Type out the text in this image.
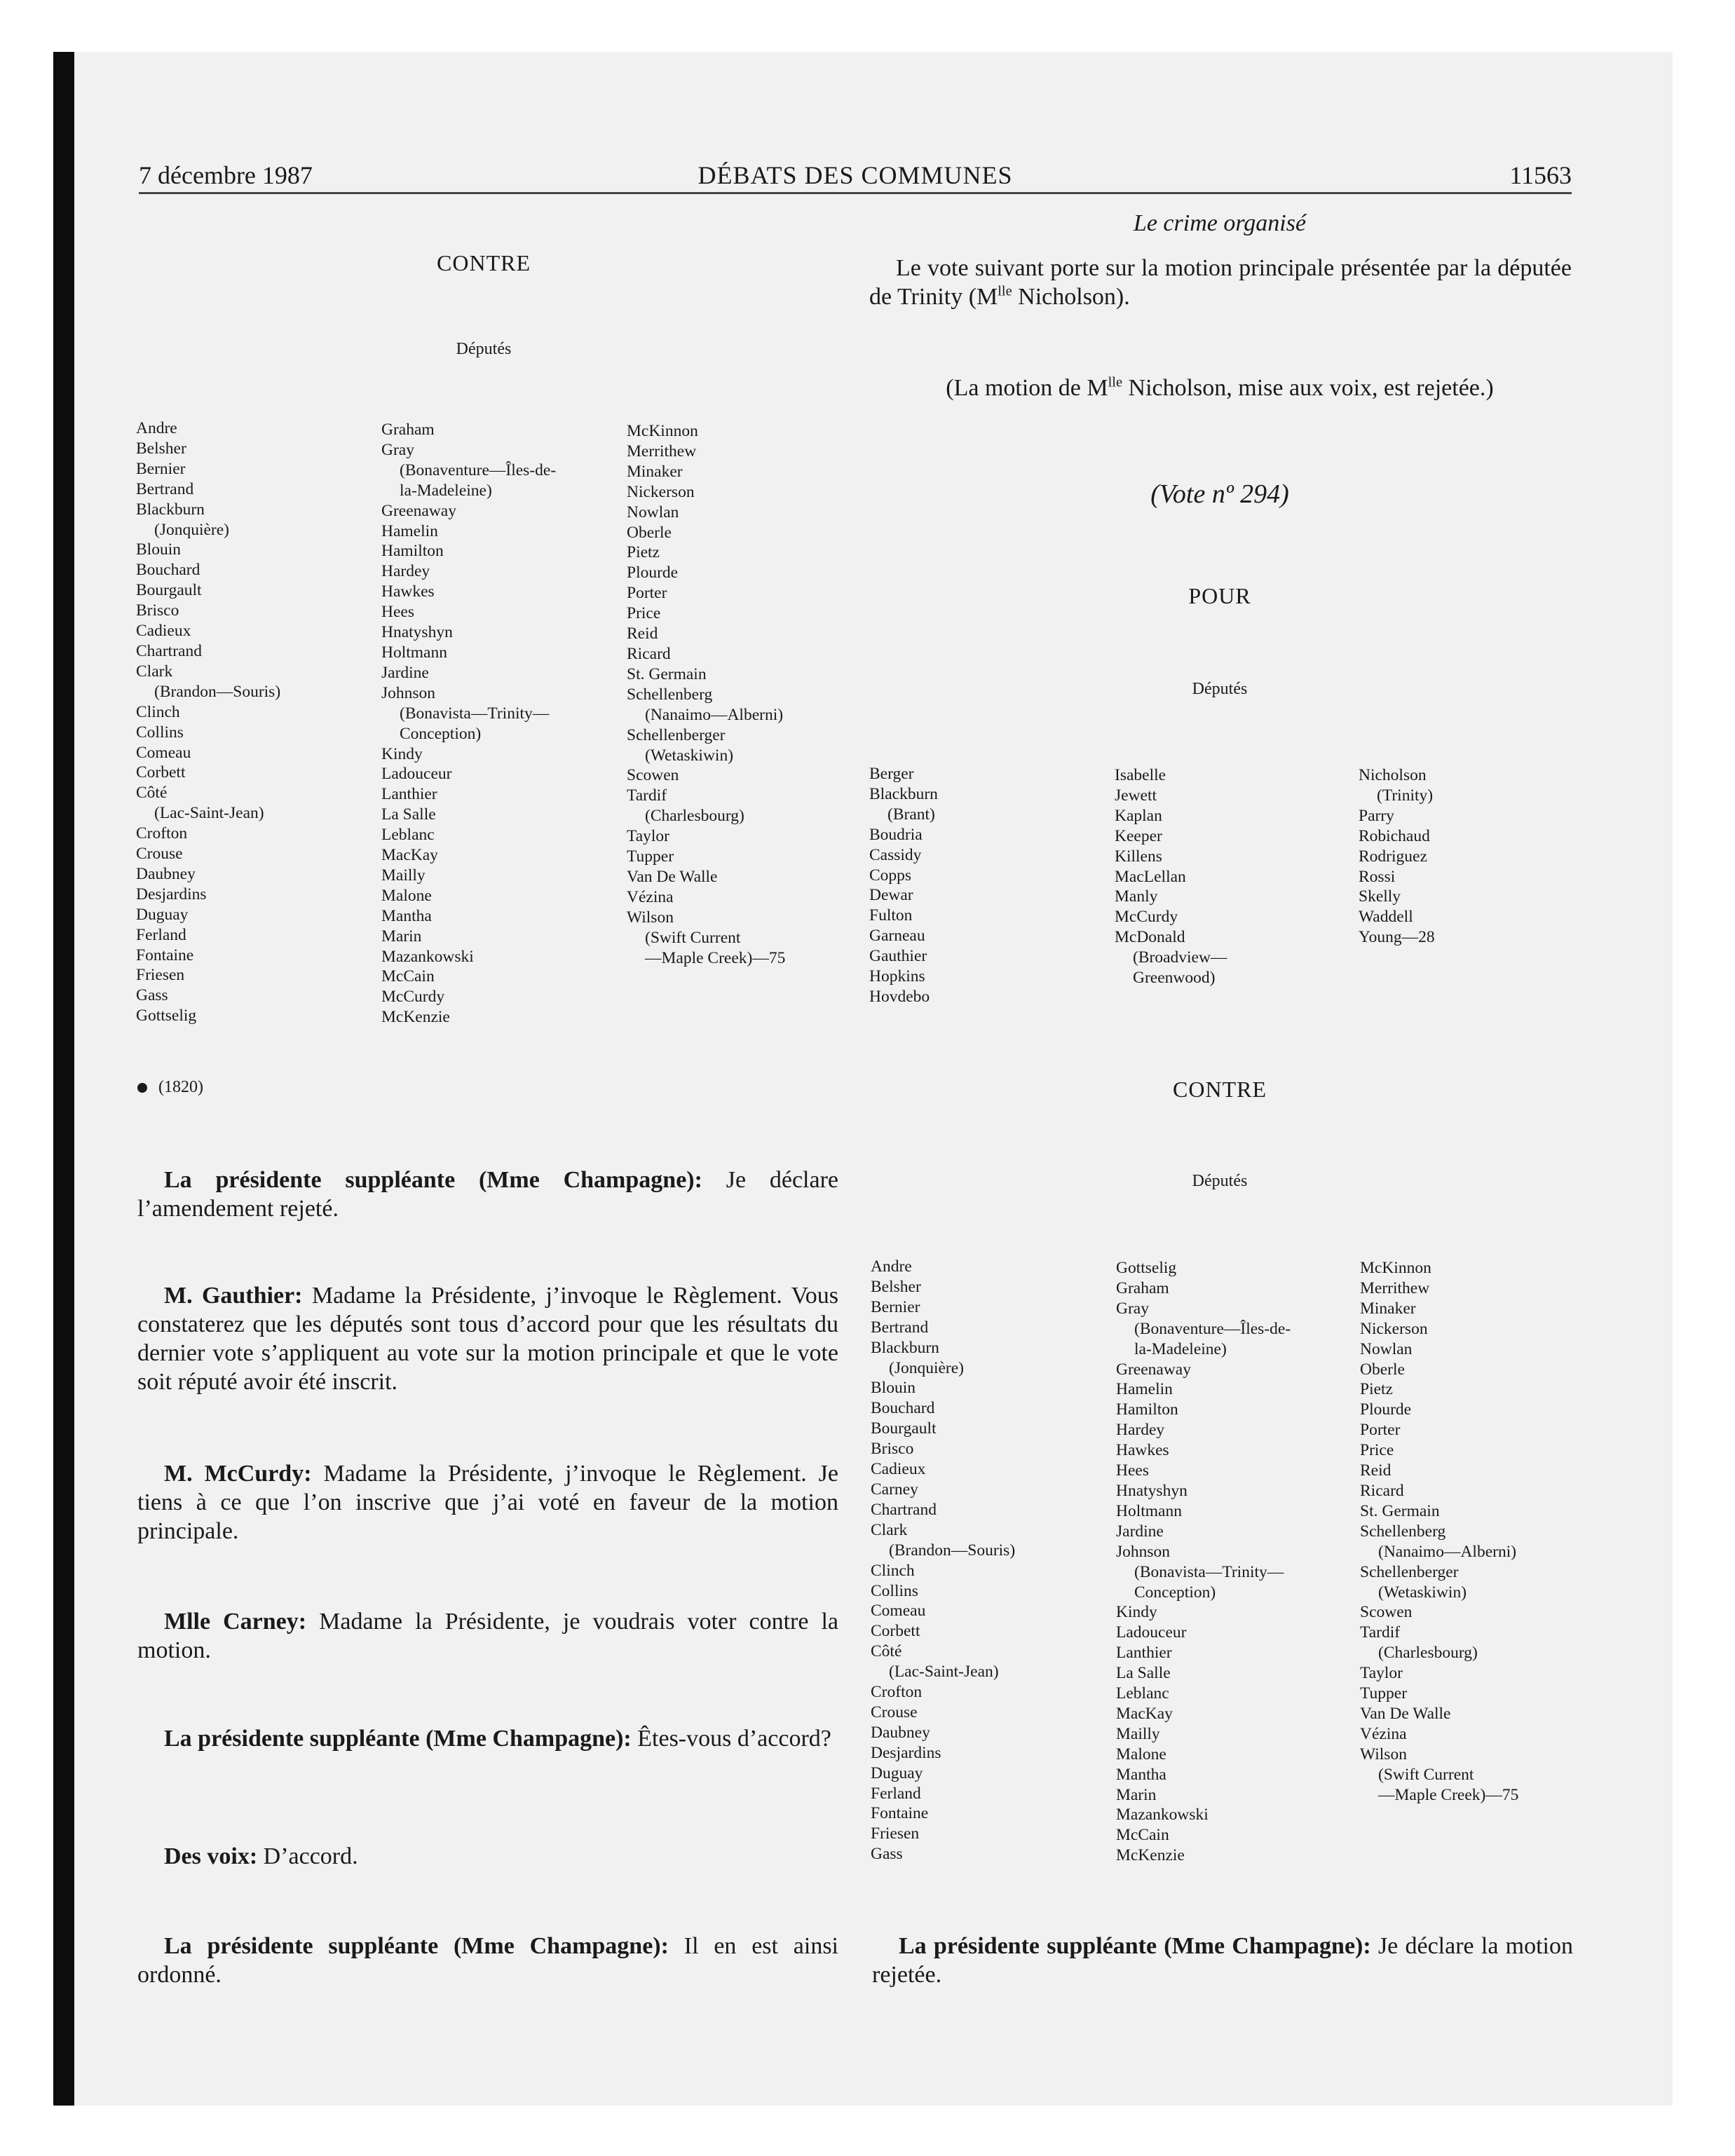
7 décembre 1987	DÉBATS DES COMMUNES	11563
CONTRE
Députés
Andre
Belsher
Bernier
Bertrand
Blackburn
(Jonquière)
Blouin
Bouchard
Bourgault
Brisco
Cadieux
Chartrand
Clark
(Brandon—Souris)
Clinch
Collins
Comeau
Corbett
Côté
(Lac-Saint-Jean)
Crofton
Crouse
Daubney
Desjardins
Duguay
Ferland
Fontaine
Friesen
Gass
Gottselig
Graham
Gray
(Bonaventure—Îles-de-
la-Madeleine)
Greenaway
Hamelin
Hamilton
Hardey
Hawkes
Hees
Hnatyshyn
Holtmann
Jardine
Johnson
(Bonavista—Trinity—
Conception)
Kindy
Ladouceur
Lanthier
La Salle
Leblanc
MacKay
Mailly
Malone
Mantha
Marin
Mazankowski
McCain
McCurdy
McKenzie
McKinnon
Merrithew
Minaker
Nickerson
Nowlan
Oberle
Pietz
Plourde
Porter
Price
Reid
Ricard
St. Germain
Schellenberg
(Nanaimo—Alberni)
Schellenberger
(Wetaskiwin)
Scowen
Tardif
(Charlesbourg)
Taylor
Tupper
Van De Walle
Vézina
Wilson
(Swift Current
—Maple Creek)—75
(1820)

La présidente suppléante (Mme Champagne): Je déclare l’amendement rejeté.

M. Gauthier: Madame la Présidente, j’invoque le Règlement. Vous constaterez que les députés sont tous d’accord pour que les résultats du dernier vote s’appliquent au vote sur la motion principale et que le vote soit réputé avoir été inscrit.

M. McCurdy: Madame la Présidente, j’invoque le Règlement. Je tiens à ce que l’on inscrive que j’ai voté en faveur de la motion principale.

Mlle Carney: Madame la Présidente, je voudrais voter contre la motion.

La présidente suppléante (Mme Champagne): Êtes-vous d’accord?

Des voix: D’accord.

La présidente suppléante (Mme Champagne): Il en est ainsi ordonné.

Le crime organisé

Le vote suivant porte sur la motion principale présentée par la députée de Trinity ($M^{lle}$ Nicholson).

(La motion de $M^{lle}$ Nicholson, mise aux voix, est rejetée.)
(Vote nº 294)
POUR
Députés
Berger
Blackburn
(Brant)
Boudria
Cassidy
Copps
Dewar
Fulton
Garneau
Gauthier
Hopkins
Hovdebo
Isabelle
Jewett
Kaplan
Keeper
Killens
MacLellan
Manly
McCurdy
McDonald
(Broadview—
Greenwood)
Nicholson
(Trinity)
Parry
Robichaud
Rodriguez
Rossi
Skelly
Waddell
Young—28
CONTRE
Députés
Andre
Belsher
Bernier
Bertrand
Blackburn
(Jonquière)
Blouin
Bouchard
Bourgault
Brisco
Cadieux
Carney
Chartrand
Clark
(Brandon—Souris)
Clinch
Collins
Comeau
Corbett
Côté
(Lac-Saint-Jean)
Crofton
Crouse
Daubney
Desjardins
Duguay
Ferland
Fontaine
Friesen
Gass
Gottselig
Graham
Gray
(Bonaventure—Îles-de-
la-Madeleine)
Greenaway
Hamelin
Hamilton
Hardey
Hawkes
Hees
Hnatyshyn
Holtmann
Jardine
Johnson
(Bonavista—Trinity—
Conception)
Kindy
Ladouceur
Lanthier
La Salle
Leblanc
MacKay
Mailly
Malone
Mantha
Marin
Mazankowski
McCain
McKenzie
McKinnon
Merrithew
Minaker
Nickerson
Nowlan
Oberle
Pietz
Plourde
Porter
Price
Reid
Ricard
St. Germain
Schellenberg
(Nanaimo—Alberni)
Schellenberger
(Wetaskiwin)
Scowen
Tardif
(Charlesbourg)
Taylor
Tupper
Van De Walle
Vézina
Wilson
(Swift Current
—Maple Creek)—75

La présidente suppléante (Mme Champagne): Je déclare la motion rejetée.
